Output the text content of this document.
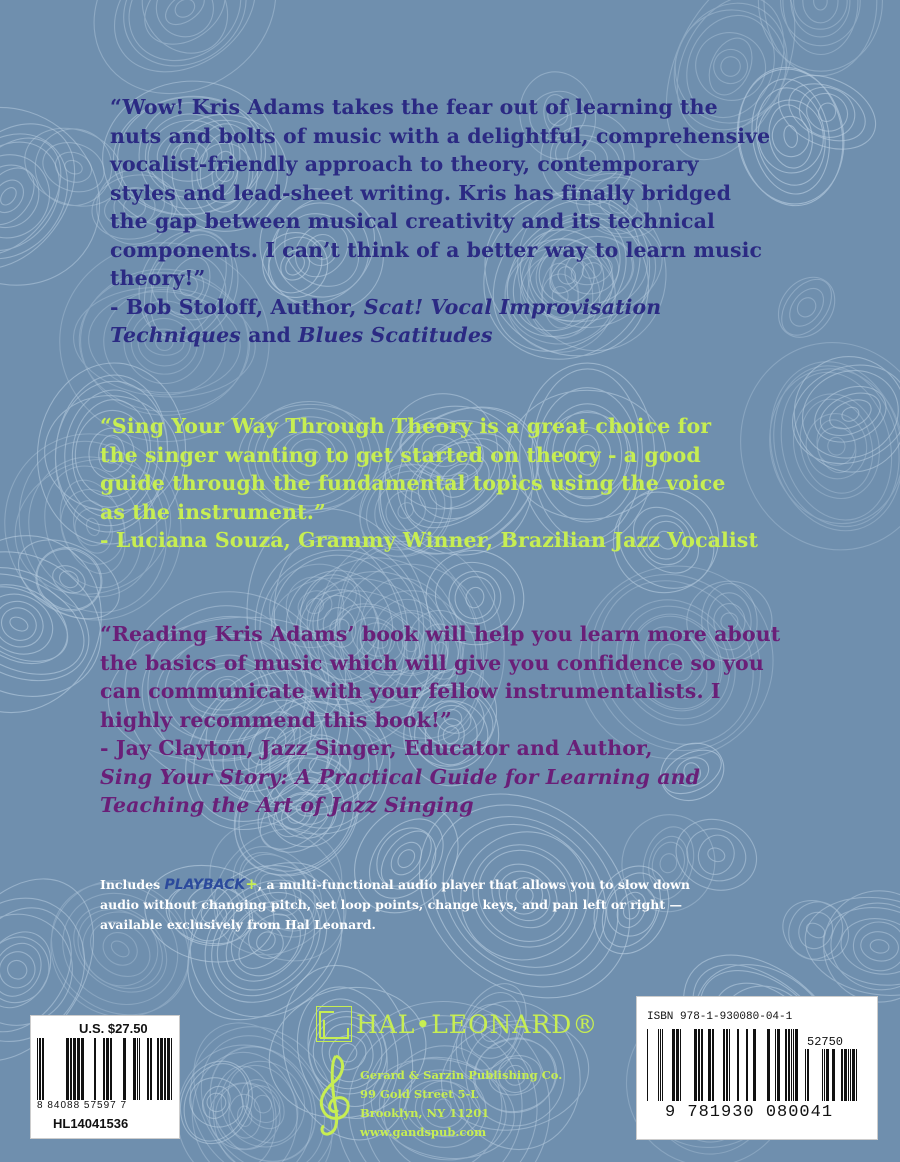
“Wow! Kris Adams takes the fear out of learning the
nuts and bolts of music with a delightful, comprehensive
vocalist-friendly approach to theory, contemporary
styles and lead-sheet writing. Kris has finally bridged
the gap between musical creativity and its technical
components. I can’t think of a better way to learn music
theory!”
- Bob Stoloff, Author, Scat! Vocal Improvisation
Techniques and Blues Scatitudes
“Sing Your Way Through Theory is a great choice for
the singer wanting to get started on theory - a good
guide through the fundamental topics using the voice
as the instrument.”
- Luciana Souza, Grammy Winner, Brazilian Jazz Vocalist
“Reading Kris Adams’ book will help you learn more about
the basics of music which will give you confidence so you
can communicate with your fellow instrumentalists. I
highly recommend this book!”
- Jay Clayton, Jazz Singer, Educator and Author,
Sing Your Story: A Practical Guide for Learning and
Teaching the Art of Jazz Singing
Includes PLAYBACK+, a multi-functional audio player that allows you to slow down
audio without changing pitch, set loop points, change keys, and pan left or right —
available exclusively from Hal Leonard.
U.S. $27.50
8 84088 57597 7
HL14041536
ISBN 978-1-930080-04-1
52750
9 781930 080041
HAL•LEONARD®
Gerard & Sarzin Publishing Co.
99 Gold Street 5-L
Brooklyn, NY 11201
www.gandspub.com
